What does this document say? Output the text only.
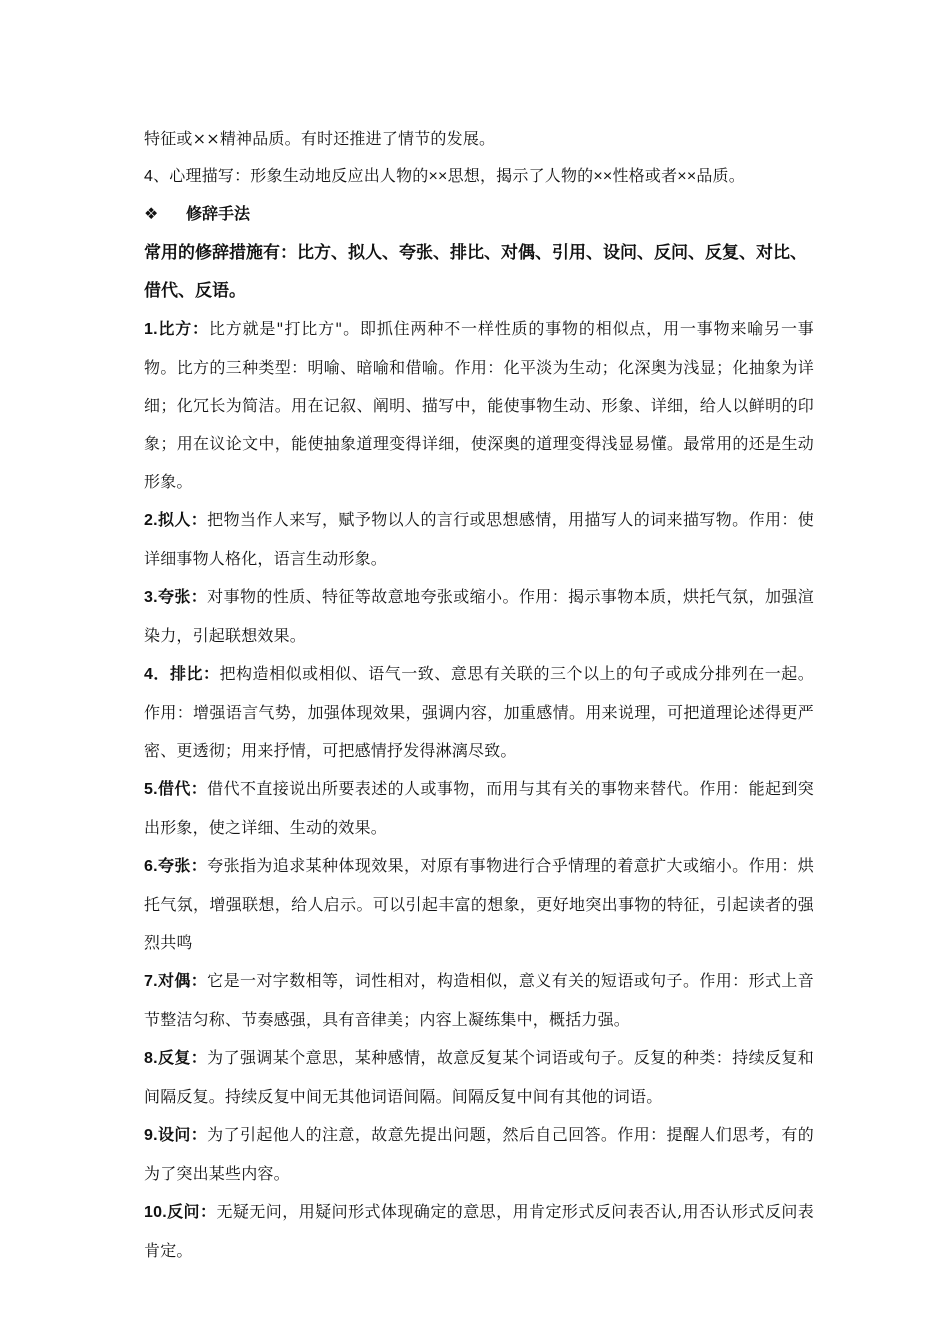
特征或××精神品质。有时还推进了情节的发展。

4、心理描写：形象生动地反应出人物的××思想，揭示了人物的××性格或者××品质。

❖ 修辞手法

常用的修辞措施有：比方、拟人、夸张、排比、对偶、引用、设问、反问、反复、对比、借代、反语。

1.比方：比方就是"打比方"。即抓住两种不一样性质的事物的相似点，用一事物来喻另一事物。比方的三种类型：明喻、暗喻和借喻。作用：化平淡为生动；化深奥为浅显；化抽象为详细；化冗长为简洁。用在记叙、阐明、描写中，能使事物生动、形象、详细，给人以鲜明的印象；用在议论文中，能使抽象道理变得详细，使深奥的道理变得浅显易懂。最常用的还是生动形象。

2.拟人：把物当作人来写，赋予物以人的言行或思想感情，用描写人的词来描写物。作用：使详细事物人格化，语言生动形象。

3.夸张：对事物的性质、特征等故意地夸张或缩小。作用：揭示事物本质，烘托气氛，加强渲染力，引起联想效果。

4．排比：把构造相似或相似、语气一致、意思有关联的三个以上的句子或成分排列在一起。作用：增强语言气势，加强体现效果，强调内容，加重感情。用来说理，可把道理论述得更严密、更透彻；用来抒情，可把感情抒发得淋漓尽致。

5.借代：借代不直接说出所要表述的人或事物，而用与其有关的事物来替代。作用：能起到突出形象，使之详细、生动的效果。

6.夸张：夸张指为追求某种体现效果，对原有事物进行合乎情理的着意扩大或缩小。作用：烘托气氛，增强联想，给人启示。可以引起丰富的想象，更好地突出事物的特征，引起读者的强烈共鸣

7.对偶：它是一对字数相等，词性相对，构造相似，意义有关的短语或句子。作用：形式上音节整洁匀称、节奏感强，具有音律美；内容上凝练集中，概括力强。

8.反复：为了强调某个意思，某种感情，故意反复某个词语或句子。反复的种类：持续反复和间隔反复。持续反复中间无其他词语间隔。间隔反复中间有其他的词语。

9.设问：为了引起他人的注意，故意先提出问题，然后自己回答。作用：提醒人们思考，有的为了突出某些内容。

10.反问：无疑无问，用疑问形式体现确定的意思，用肯定形式反问表否认,用否认形式反问表肯定。
